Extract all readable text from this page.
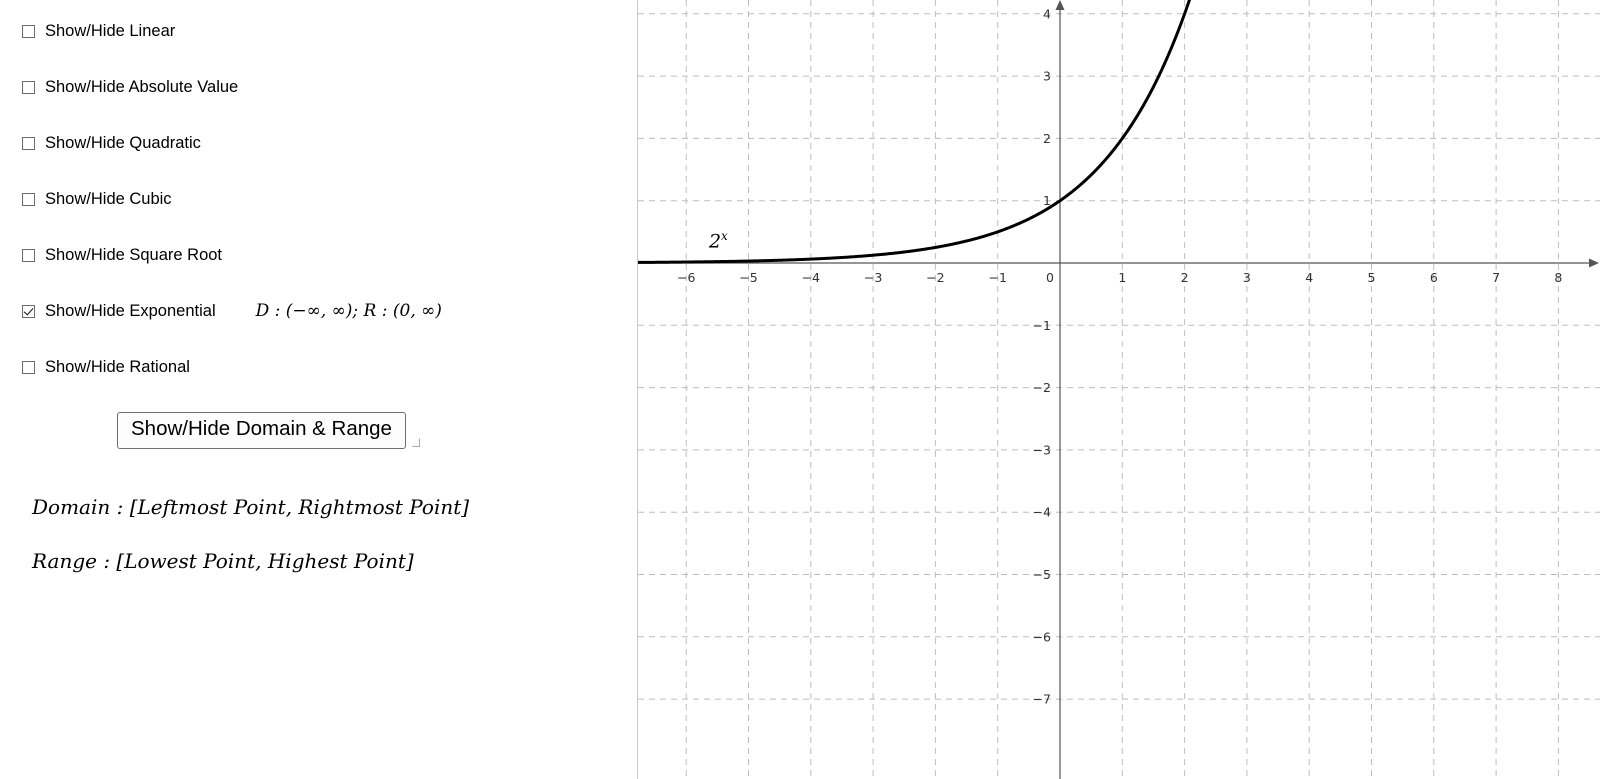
Show/Hide Linear
Show/Hide Absolute Value
Show/Hide Quadratic
Show/Hide Cubic
Show/Hide Square Root
Show/Hide Exponential D : (−∞, ∞); R : (0, ∞)
Show/Hide Rational
Show/Hide Domain & Range
Domain : [Leftmost Point, Rightmost Point]
Range : [Lowest Point, Highest Point]
−6	−5	−4	−3	−2	−1	0	1	2	3	4	5	6	7	8
4
3
2
1
−1
−2
−3
−4
−5
−6
−7
2$^x$
